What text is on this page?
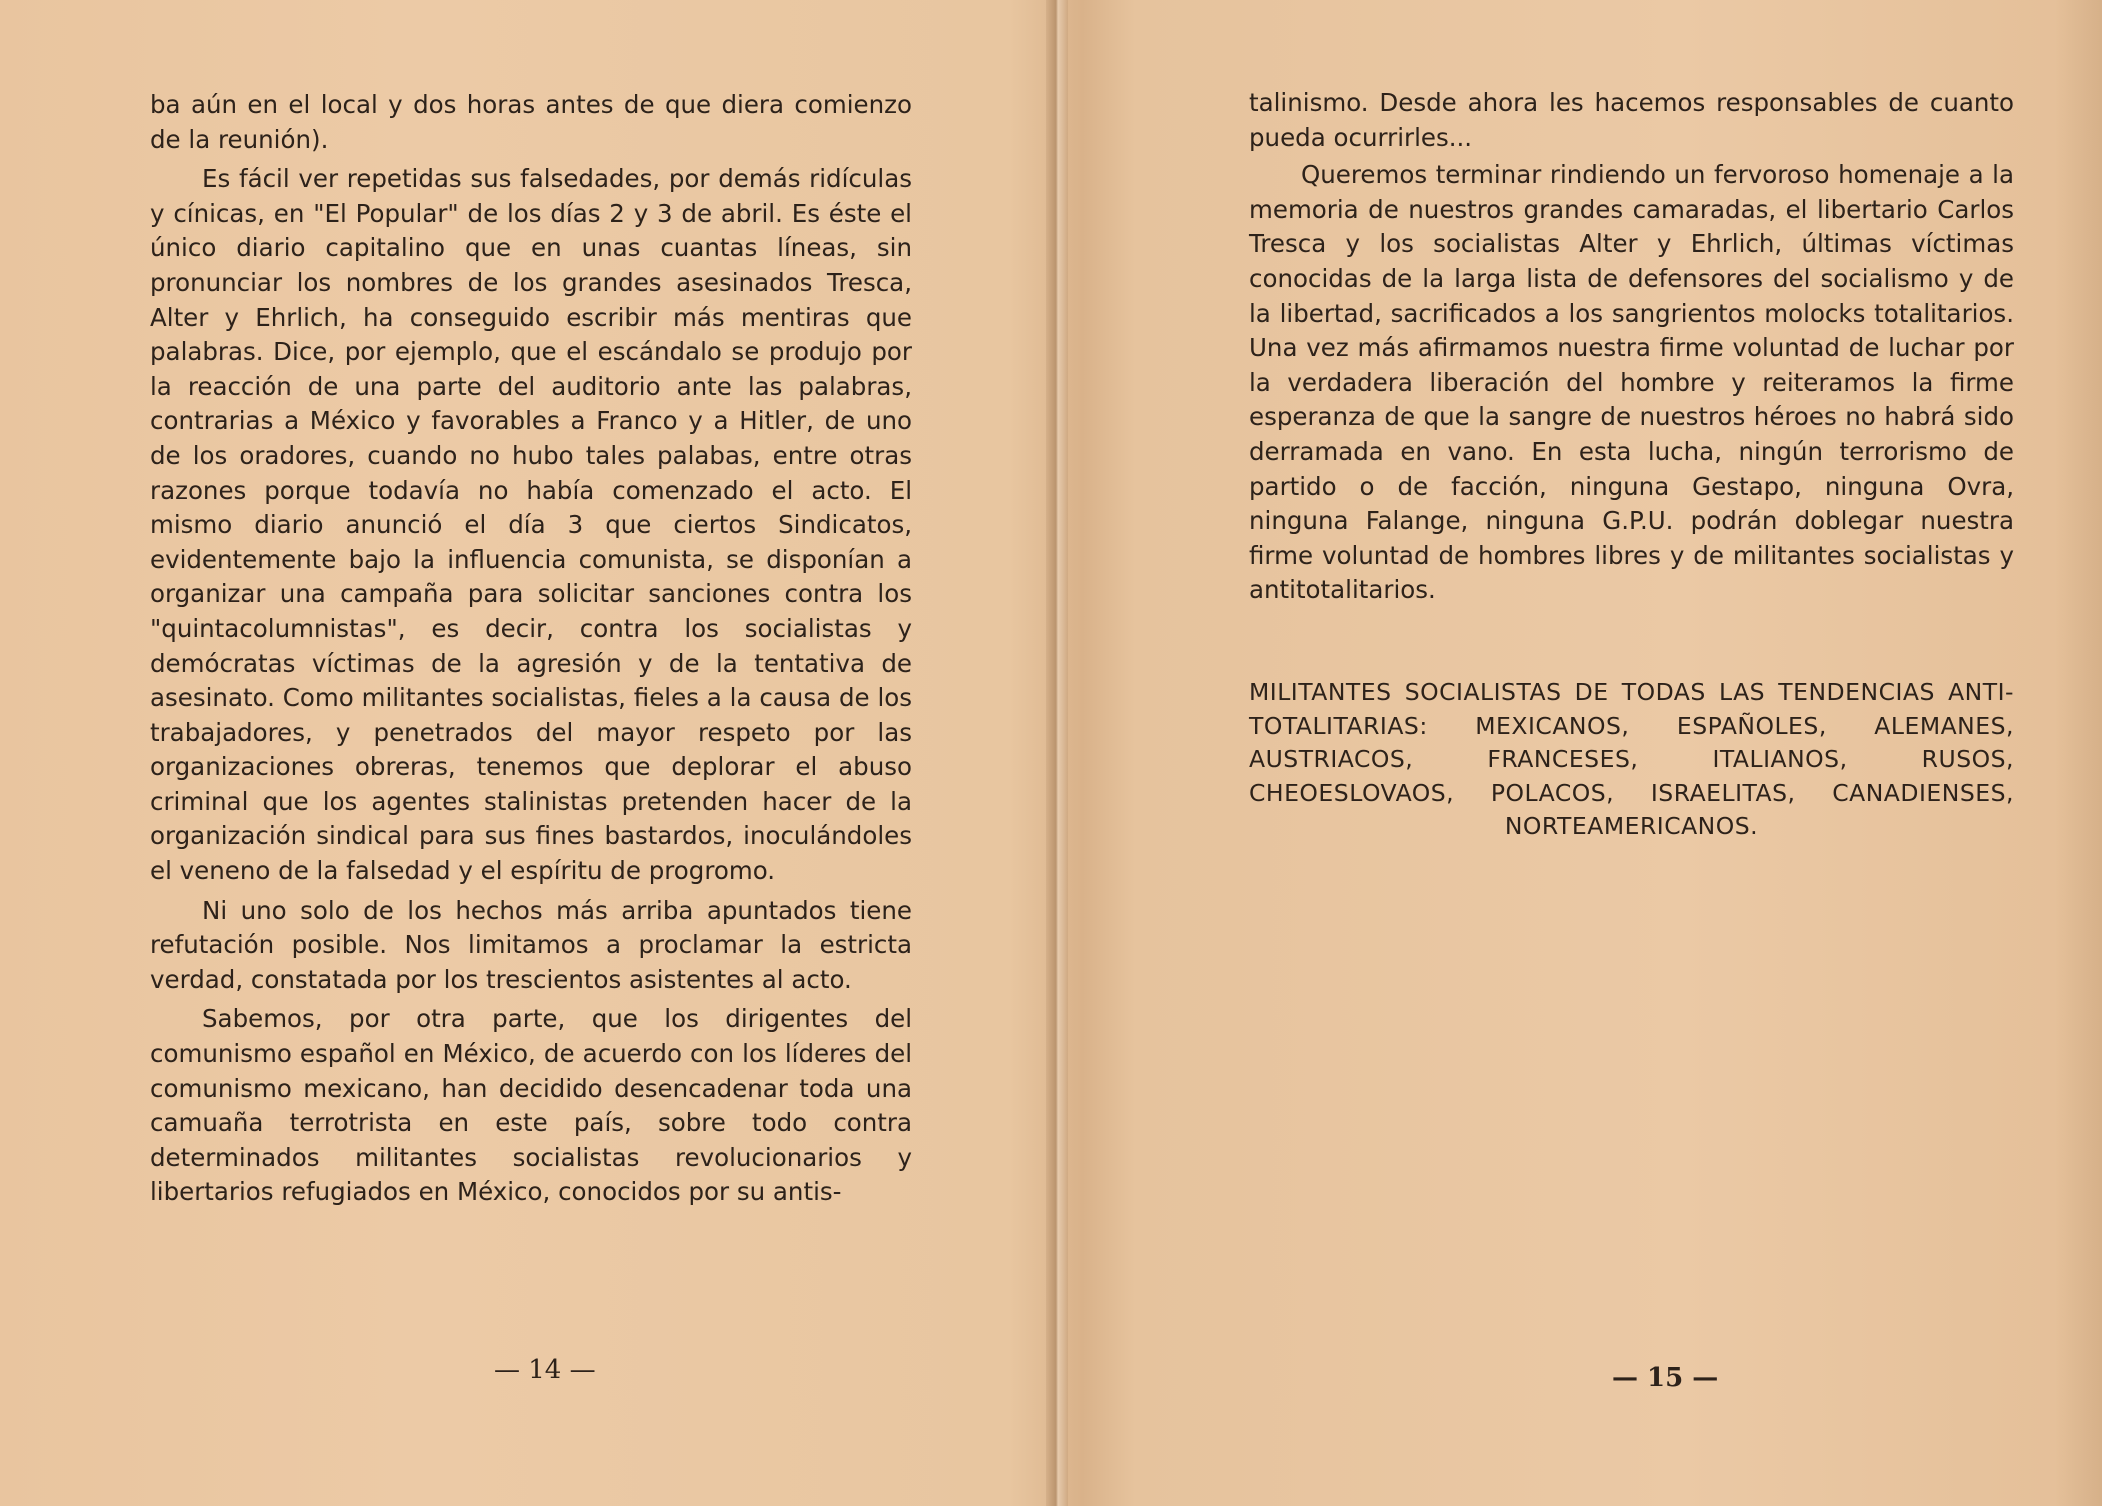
ba aún en el local y dos horas antes de que diera comienzo de la reunión).

Es fácil ver repetidas sus falsedades, por demás ridículas y cínicas, en "El Popular" de los días 2 y 3 de abril. Es éste el único diario capitalino que en unas cuantas líneas, sin pronunciar los nombres de los grandes asesinados Tresca, Alter y Ehrlich, ha conseguido escribir más mentiras que palabras. Dice, por ejemplo, que el escándalo se produjo por la reacción de una parte del auditorio ante las palabras, contrarias a México y favorables a Franco y a Hitler, de uno de los oradores, cuando no hubo tales palabas, entre otras razones porque todavía no había comenzado el acto. El mismo diario anunció el día 3 que ciertos Sindicatos, evidentemente bajo la influencia comunista, se disponían a organizar una campaña para solicitar sanciones contra los "quintacolumnistas", es decir, contra los socialistas y demócratas víctimas de la agresión y de la tentativa de asesinato. Como militantes socialistas, fieles a la causa de los trabajadores, y penetrados del mayor respeto por las organizaciones obreras, tenemos que deplorar el abuso criminal que los agentes stalinistas pretenden hacer de la organización sindical para sus fines bastardos, inoculándoles el veneno de la falsedad y el espíritu de progromo.

Ni uno solo de los hechos más arriba apuntados tiene refutación posible. Nos limitamos a proclamar la estricta verdad, constatada por los trescientos asistentes al acto.

Sabemos, por otra parte, que los dirigentes del comunismo español en México, de acuerdo con los líderes del comunismo mexicano, han decidido desencadenar toda una camuaña terrotrista en este país, sobre todo contra determinados militantes socialistas revolucionarios y libertarios refugiados en México, conocidos por su antis-

— 14 —

talinismo. Desde ahora les hacemos responsables de cuanto pueda ocurrirles...

Queremos terminar rindiendo un fervoroso homenaje a la memoria de nuestros grandes camaradas, el libertario Carlos Tresca y los socialistas Alter y Ehrlich, últimas víctimas conocidas de la larga lista de defensores del socialismo y de la libertad, sacrificados a los sangrientos molocks totalitarios. Una vez más afirmamos nuestra firme voluntad de luchar por la verdadera liberación del hombre y reiteramos la firme esperanza de que la sangre de nuestros héroes no habrá sido derramada en vano. En esta lucha, ningún terrorismo de partido o de facción, ninguna Gestapo, ninguna Ovra, ninguna Falange, ninguna G.P.U. podrán doblegar nuestra firme voluntad de hombres libres y de militantes socialistas y antitotalitarios.

MILITANTES SOCIALISTAS DE TODAS LAS TENDENCIAS ANTI-TOTALITARIAS: MEXICANOS, ESPAÑOLES, ALEMANES, AUSTRIACOS, FRANCESES, ITALIANOS, RUSOS, CHEOESLOVAOS, POLACOS, ISRAELITAS, CANADIENSES, NORTEAMERICANOS.

— 15 —
